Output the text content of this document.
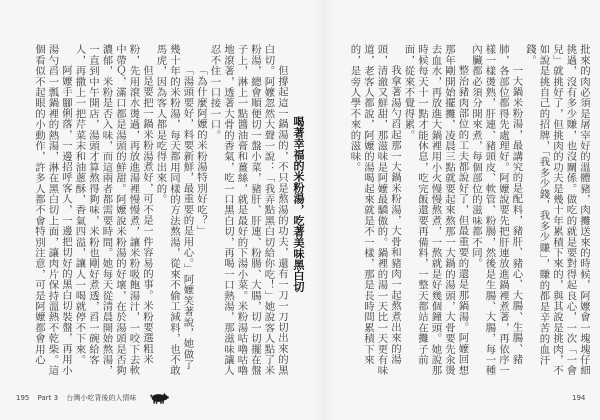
批來的肉必須是屠宰好的溫體豬，肉攤送來的時候，阿嬤會一塊塊仔細挑過，沒有多少賺，也沒關係。做吃的就是要對得起良心，一次「一會兒」就挑好了，但挑肉的功夫是幾十年累積下來的，與其說是挑肉，不如說是挑自己的招牌，「我多少錢，我多少賺」，賺的都是辛苦的血汗錢。

一大鍋米粉湯，最講究的是配料，豬肝、豬心、大腸、生腸、豬肺，各部位都得先處理好。阿嬤說要先把肝連放進鍋裡煮著，再依序一樣一樣燙熟，肝連、豬頭皮、軟管、粉腸，然後是生腸、大腸，每一種內臟都必須分開來煮，每個部位的滋味都不同。

整治豬肉部位的工夫都說好了，但最重要的還是那鍋湯。阿嬤回想那年剛開始擺攤，凌晨三點就要起來熬那一大鍋的湯頭，大骨要先汆燙去血水，再放進大鍋裡用小火慢慢熬煮，一熬就是好幾個鐘頭。她說那時候每天十一點才能休息，吃完飯還要再備料，一整天都站在攤子前面，從來不覺得累。

我拿著湯勺舀起那一大鍋米粉湯，大骨和豬肉一起熬煮出來的湯頭，清澈又鮮甜，那滋味是阿嬤最驕傲的。鍋裡的湯一天比一天更有味道，老客人都說，阿嬤的湯喝起來就是不一樣，那是長時間累積下來的，是旁人學不來的滋味。

喝著幸福的米粉湯，吃著美味黑白切

但撐起這一鍋湯的，不只是熬湯的功夫，還有一刀一刀切出來的黑白切。阿嬤忽然大聲一說：「我弄點黑白切給你吃！」她說客人點了米粉湯，總會順便切一盤小菜，豬肝、肝連、粉腸、大腸，切一切擺在盤子上，淋上一點醬油膏和薑絲，就是最好的下湯小菜。米粉湯咕嚕咕嚕地滾著，透著大骨的香氣，吃一口黑白切，再喝一口熱湯，那滋味讓人忍不住一口接一口。

「為什麼阿嬤的米粉湯特別好吃？」

「湯頭要好，料要新鮮，最重要的是用心。」阿嬤笑著說，她做了幾十年的米粉湯，每天都用同樣的方法熬湯，從來不偷工減料，也不敢馬虎，因為客人都是吃得出來的。

但是要把一鍋米粉湯煮好，可不是一件容易的事。米粉要選粗米粉，先用滾水燙過，再放進湯裡慢慢煮，讓米粉吸飽湯汁，一咬下去軟中帶Ｑ，滿口都是湯頭的鮮甜。阿嬤說米粉湯的好壞，在於湯頭是否夠濃郁，米粉是否入味，而這兩者都需要時間。她每天從清晨開始熬湯，一直到中午開店，湯頭才算熬得夠味，米粉也剛好煮透，舀一碗給客人，再撒上一把芹菜末和油蔥酥，香氣四溢，讓人一喝就停不下來。

阿嬤手腳俐落，一邊招呼客人，一邊把切好的黑白切裝盤，再用小湯勺舀一瓢鍋裡的熱湯，淋在黑白切上面，讓肉片保持溫熱不乾柴。這個看似不起眼的小動作，許多人都不會特別注意，可是阿嬤都會用心

195 Part 3 台灣小吃背後的人情味	194
